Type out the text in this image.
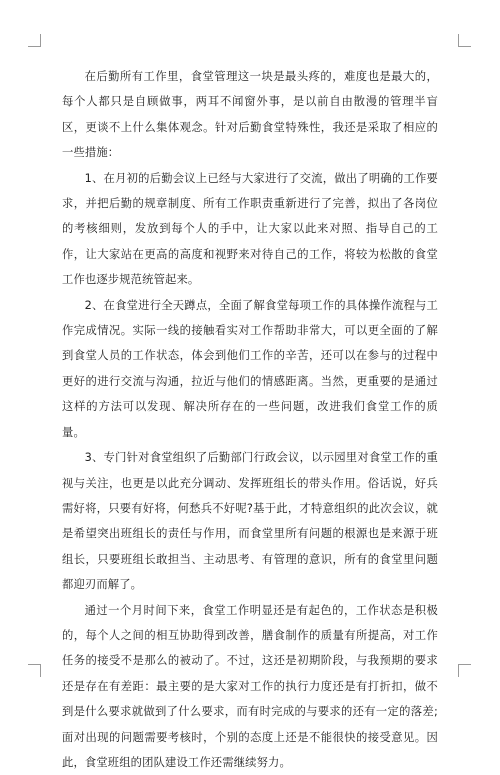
在后勤所有工作里，食堂管理这一块是最头疼的，难度也是最大的，每个人都只是自顾做事，两耳不闻窗外事，是以前自由散漫的管理半盲区，更谈不上什么集体观念。针对后勤食堂特殊性，我还是采取了相应的一些措施：

1、在月初的后勤会议上已经与大家进行了交流，做出了明确的工作要求，并把后勤的规章制度、所有工作职责重新进行了完善，拟出了各岗位的考核细则，发放到每个人的手中，让大家以此来对照、指导自己的工作，让大家站在更高的高度和视野来对待自己的工作，将较为松散的食堂工作也逐步规范统管起来。

2、在食堂进行全天蹲点，全面了解食堂每项工作的具体操作流程与工作完成情况。实际一线的接触看实对工作帮助非常大，可以更全面的了解到食堂人员的工作状态，体会到他们工作的辛苦，还可以在参与的过程中更好的进行交流与沟通，拉近与他们的情感距离。当然，更重要的是通过这样的方法可以发现、解决所存在的一些问题，改进我们食堂工作的质量。

3、专门针对食堂组织了后勤部门行政会议，以示园里对食堂工作的重视与关注，也更是以此充分调动、发挥班组长的带头作用。俗话说，好兵需好将，只要有好将，何愁兵不好呢?基于此，才特意组织的此次会议，就是希望突出班组长的责任与作用，而食堂里所有问题的根源也是来源于班组长，只要班组长敢担当、主动思考、有管理的意识，所有的食堂里问题都迎刃而解了。

通过一个月时间下来，食堂工作明显还是有起色的，工作状态是积极的，每个人之间的相互协助得到改善，膳食制作的质量有所提高，对工作任务的接受不是那么的被动了。不过，这还是初期阶段，与我预期的要求还是存在有差距：最主要的是大家对工作的执行力度还是有打折扣，做不到是什么要求就做到了什么要求，而有时完成的与要求的还有一定的落差;面对出现的问题需要考核时，个别的态度上还是不能很快的接受意见。因此，食堂班组的团队建设工作还需继续努力。
